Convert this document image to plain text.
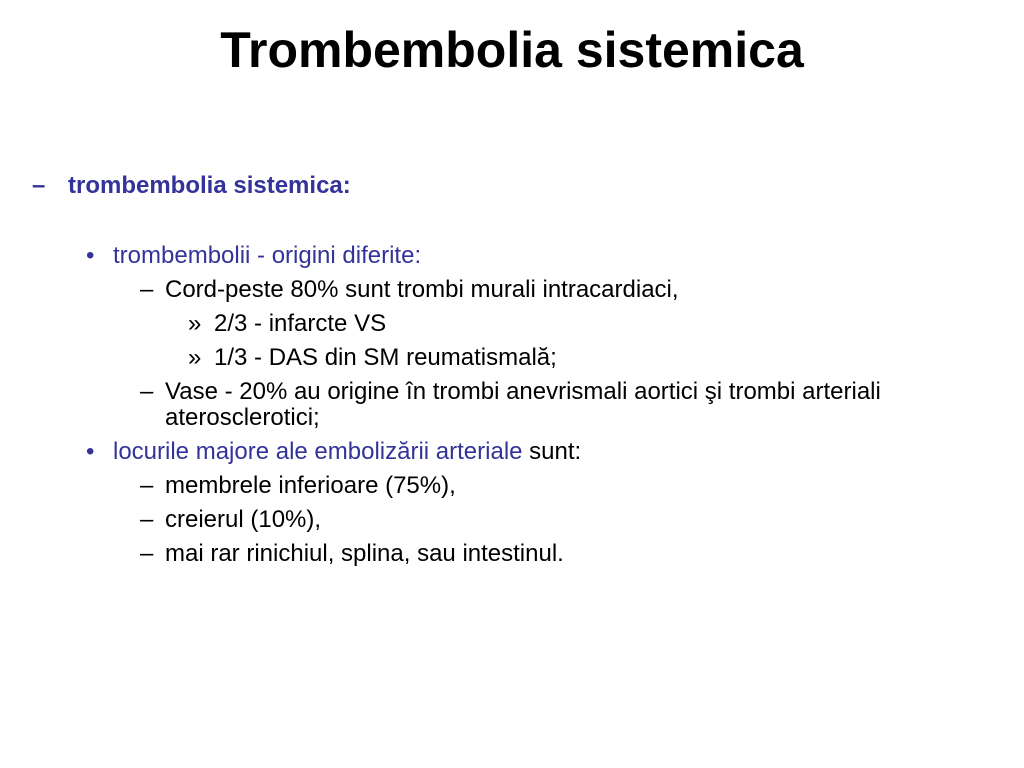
Trombembolia sistemica
– trombembolia sistemica:
• trombembolii - origini diferite:
– Cord-peste 80% sunt trombi murali intracardiaci,
» 2/3 - infarcte VS
» 1/3 - DAS din SM reumatismală;
– Vase - 20% au origine în trombi anevrismali aortici şi trombi arteriali
aterosclerotici;
• locurile majore ale embolizării arteriale sunt:
– membrele inferioare (75%),
– creierul (10%),
– mai rar rinichiul, splina, sau intestinul.
